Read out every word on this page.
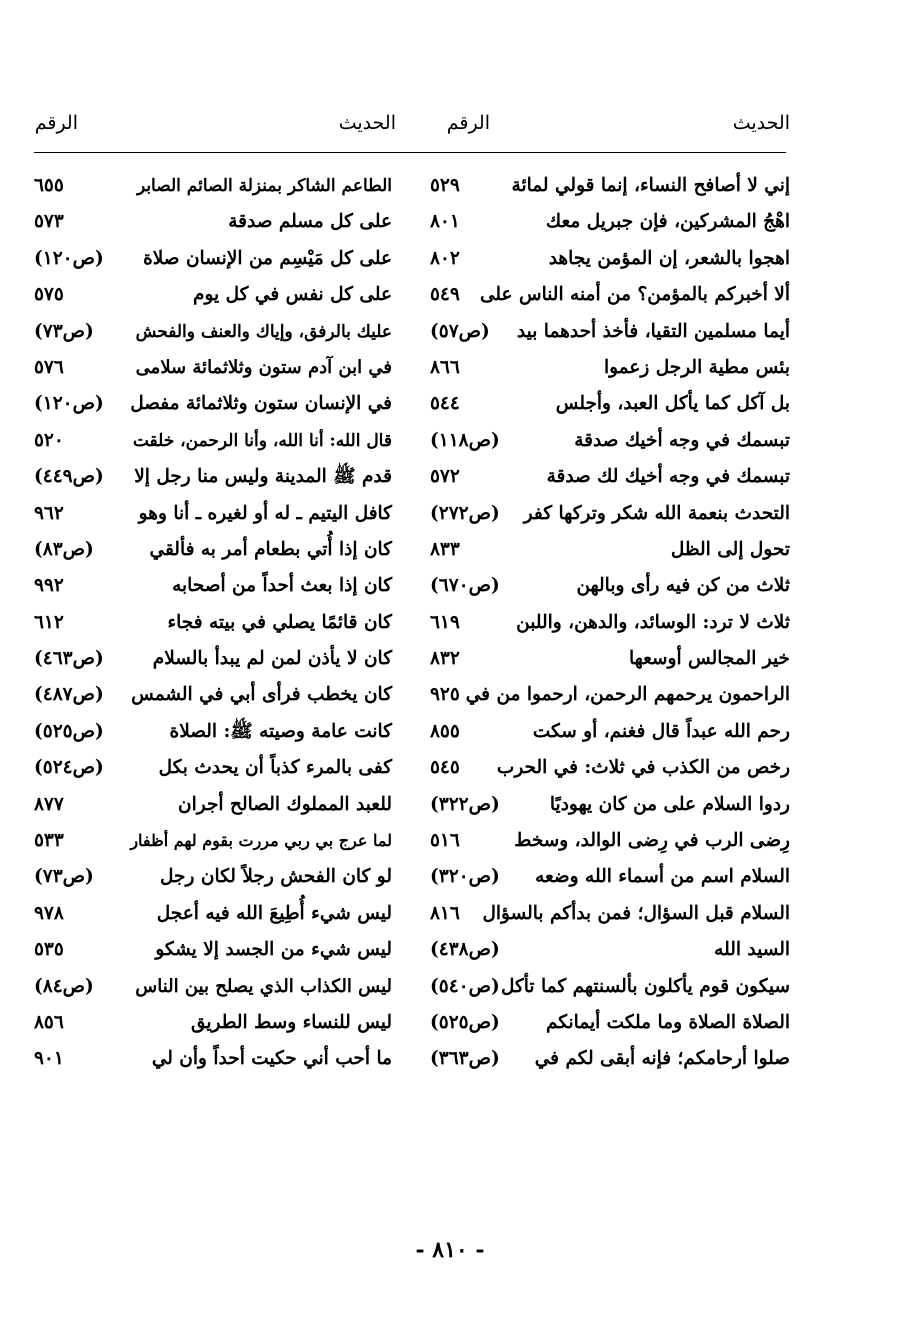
الحديث
الرقم
الحديث
الرقم
إني لا أصافح النساء، إنما قولي لمائة
اهْجُ المشركين، فإن جبريل معك
اهجوا بالشعر، إن المؤمن يجاهد
ألا أخبركم بالمؤمن؟ من أمنه الناس على
أيما مسلمين التقيا، فأخذ أحدهما بيد
بئس مطية الرجل زعموا
بل آكل كما يأكل العبد، وأجلس
تبسمك في وجه أخيك صدقة
تبسمك في وجه أخيك لك صدقة
التحدث بنعمة الله شكر وتركها كفر
تحول إلى الظل
ثلاث من كن فيه رأى وبالهن
ثلاث لا ترد: الوسائد، والدهن، واللبن
خير المجالس أوسعها
الراحمون يرحمهم الرحمن، ارحموا من في
رحم الله عبداً قال فغنم، أو سكت
رخص من الكذب في ثلاث: في الحرب
ردوا السلام على من كان يهوديًا
رِضى الرب في رِضى الوالد، وسخط
السلام اسم من أسماء الله وضعه
السلام قبل السؤال؛ فمن بدأكم بالسؤال
السيد الله
سيكون قوم يأكلون بألسنتهم كما تأكل
الصلاة الصلاة وما ملكت أيمانكم
صلوا أرحامكم؛ فإنه أبقى لكم في
٥٢٩
٨٠١
٨٠٢
٥٤٩
(ص٥٧)
٨٦٦
٥٤٤
(ص١١٨)
٥٧٢
(ص٢٧٢)
٨٣٣
(ص٦٧٠)
٦١٩
٨٣٢
٩٢٥
٨٥٥
٥٤٥
(ص٣٢٢)
٥١٦
(ص٣٢٠)
٨١٦
(ص٤٣٨)
(ص٥٤٠)
(ص٥٢٥)
(ص٣٦٣)
الطاعم الشاكر بمنزلة الصائم الصابر
على كل مسلم صدقة
على كل مَيْسِم من الإنسان صلاة
على كل نفس في كل يوم
عليك بالرفق، وإياك والعنف والفحش
في ابن آدم ستون وثلاثمائة سلامى
في الإنسان ستون وثلاثمائة مفصل
قال الله: أنا الله، وأنا الرحمن، خلقت
قدم ﷺ المدينة وليس منا رجل إلا
كافل اليتيم ـ له أو لغيره ـ أنا وهو
كان إذا أُتي بطعام أمر به فألقي
كان إذا بعث أحداً من أصحابه
كان قائمًا يصلي في بيته فجاء
كان لا يأذن لمن لم يبدأ بالسلام
كان يخطب فرأى أبي في الشمس
كانت عامة وصيته ﷺ: الصلاة
كفى بالمرء كذباً أن يحدث بكل
للعبد المملوك الصالح أجران
لما عرج بي ربي مررت بقوم لهم أظفار
لو كان الفحش رجلاً لكان رجل
ليس شيء أُطِيعَ الله فيه أعجل
ليس شيء من الجسد إلا يشكو
ليس الكذاب الذي يصلح بين الناس
ليس للنساء وسط الطريق
ما أحب أني حكيت أحداً وأن لي
٦٥٥
٥٧٣
(ص١٢٠)
٥٧٥
(ص٧٣)
٥٧٦
(ص١٢٠)
٥٢٠
(ص٤٤٩)
٩٦٢
(ص٨٣)
٩٩٢
٦١٢
(ص٤٦٣)
(ص٤٨٧)
(ص٥٢٥)
(ص٥٢٤)
٨٧٧
٥٣٣
(ص٧٣)
٩٧٨
٥٣٥
(ص٨٤)
٨٥٦
٩٠١
- ٨١٠ -
